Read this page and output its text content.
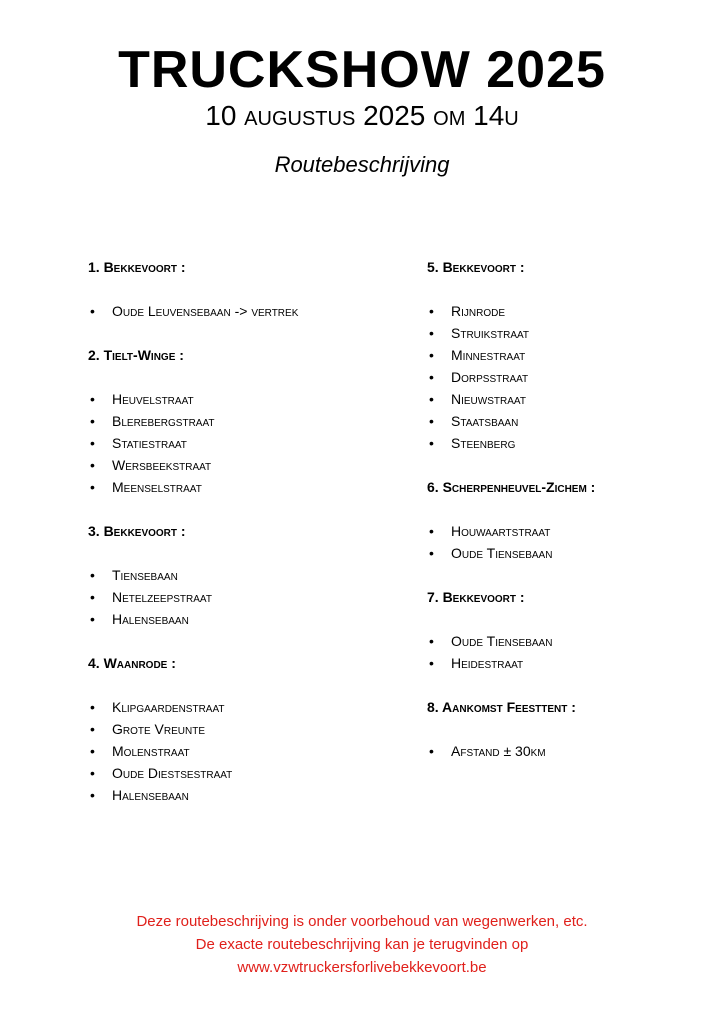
TRUCKSHOW 2025
10 augustus 2025 om 14u
Routebeschrijving
1. Bekkevoort :
• Oude Leuvensebaan -> vertrek
2. Tielt-Winge :
• Heuvelstraat
• Blerebergstraat
• Statiestraat
• Wersbeekstraat
• Meenselstraat
3. Bekkevoort :
• Tiensebaan
• Netelzeepstraat
• Halensebaan
4. Waanrode :
• Klipgaardenstraat
• Grote Vreunte
• Molenstraat
• Oude Diestsestraat
• Halensebaan
5. Bekkevoort :
• Rijnrode
• Struikstraat
• Minnestraat
• Dorpsstraat
• Nieuwstraat
• Staatsbaan
• Steenberg
6. Scherpenheuvel-Zichem :
• Houwaartstraat
• Oude Tiensebaan
7. Bekkevoort :
• Oude Tiensebaan
• Heidestraat
8. Aankomst Feesttent :
• Afstand ± 30km
Deze routebeschrijving is onder voorbehoud van wegenwerken, etc.
De exacte routebeschrijving kan je terugvinden op
www.vzwtruckersforlivebekkevoort.be
